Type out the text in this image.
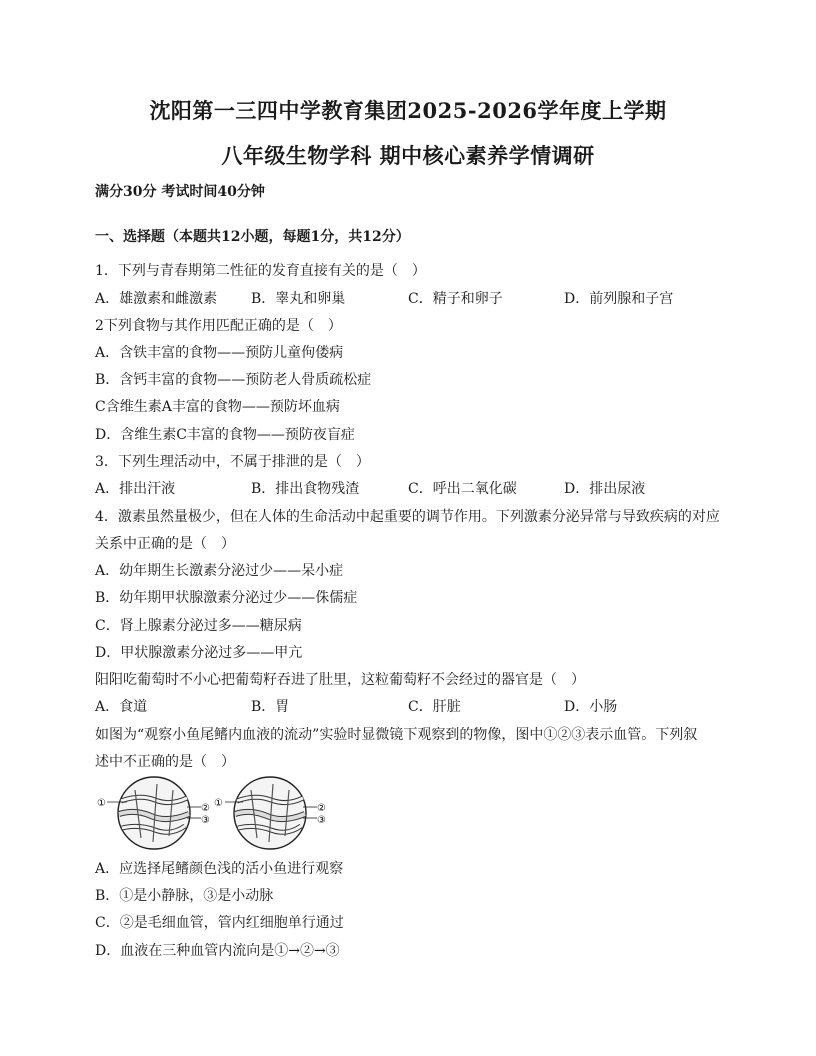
沈阳第一三四中学教育集团2025-2026学年度上学期
八年级生物学科 期中核心素养学情调研
满分30分 考试时间40分钟
一、选择题（本题共12小题，每题1分，共12分）
1．下列与青春期第二性征的发育直接有关的是（　）
A．雄激素和雌激素 B．睾丸和卵巢	C．精子和卵子	D．前列腺和子宫
2下列食物与其作用匹配正确的是（　）
A．含铁丰富的食物——预防儿童佝偻病
B．含钙丰富的食物——预防老人骨质疏松症
C含维生素A丰富的食物——预防坏血病
D．含维生素C丰富的食物——预防夜盲症
3．下列生理活动中，不属于排泄的是（　）
A．排出汗液	B．排出食物残渣	C．呼出二氧化碳	D．排出尿液
4．激素虽然量极少，但在人体的生命活动中起重要的调节作用。下列激素分泌异常与导致疾病的对应
关系中正确的是（　）
A．幼年期生长激素分泌过少——呆小症
B．幼年期甲状腺激素分泌过少——侏儒症
C．肾上腺素分泌过多——糖尿病
D．甲状腺激素分泌过多——甲亢
阳阳吃葡萄时不小心把葡萄籽吞进了肚里，这粒葡萄籽不会经过的器官是（　）
A．食道	B．胃	C．肝脏	D．小肠
如图为“观察小鱼尾鳍内血液的流动”实验时显微镜下观察到的物像，图中①②③表示血管。下列叙
述中不正确的是（　）
①	②
③
①	②
③
A．应选择尾鳍颜色浅的活小鱼进行观察
B．①是小静脉，③是小动脉
C．②是毛细血管，管内红细胞单行通过
D．血液在三种血管内流向是①→②→③
